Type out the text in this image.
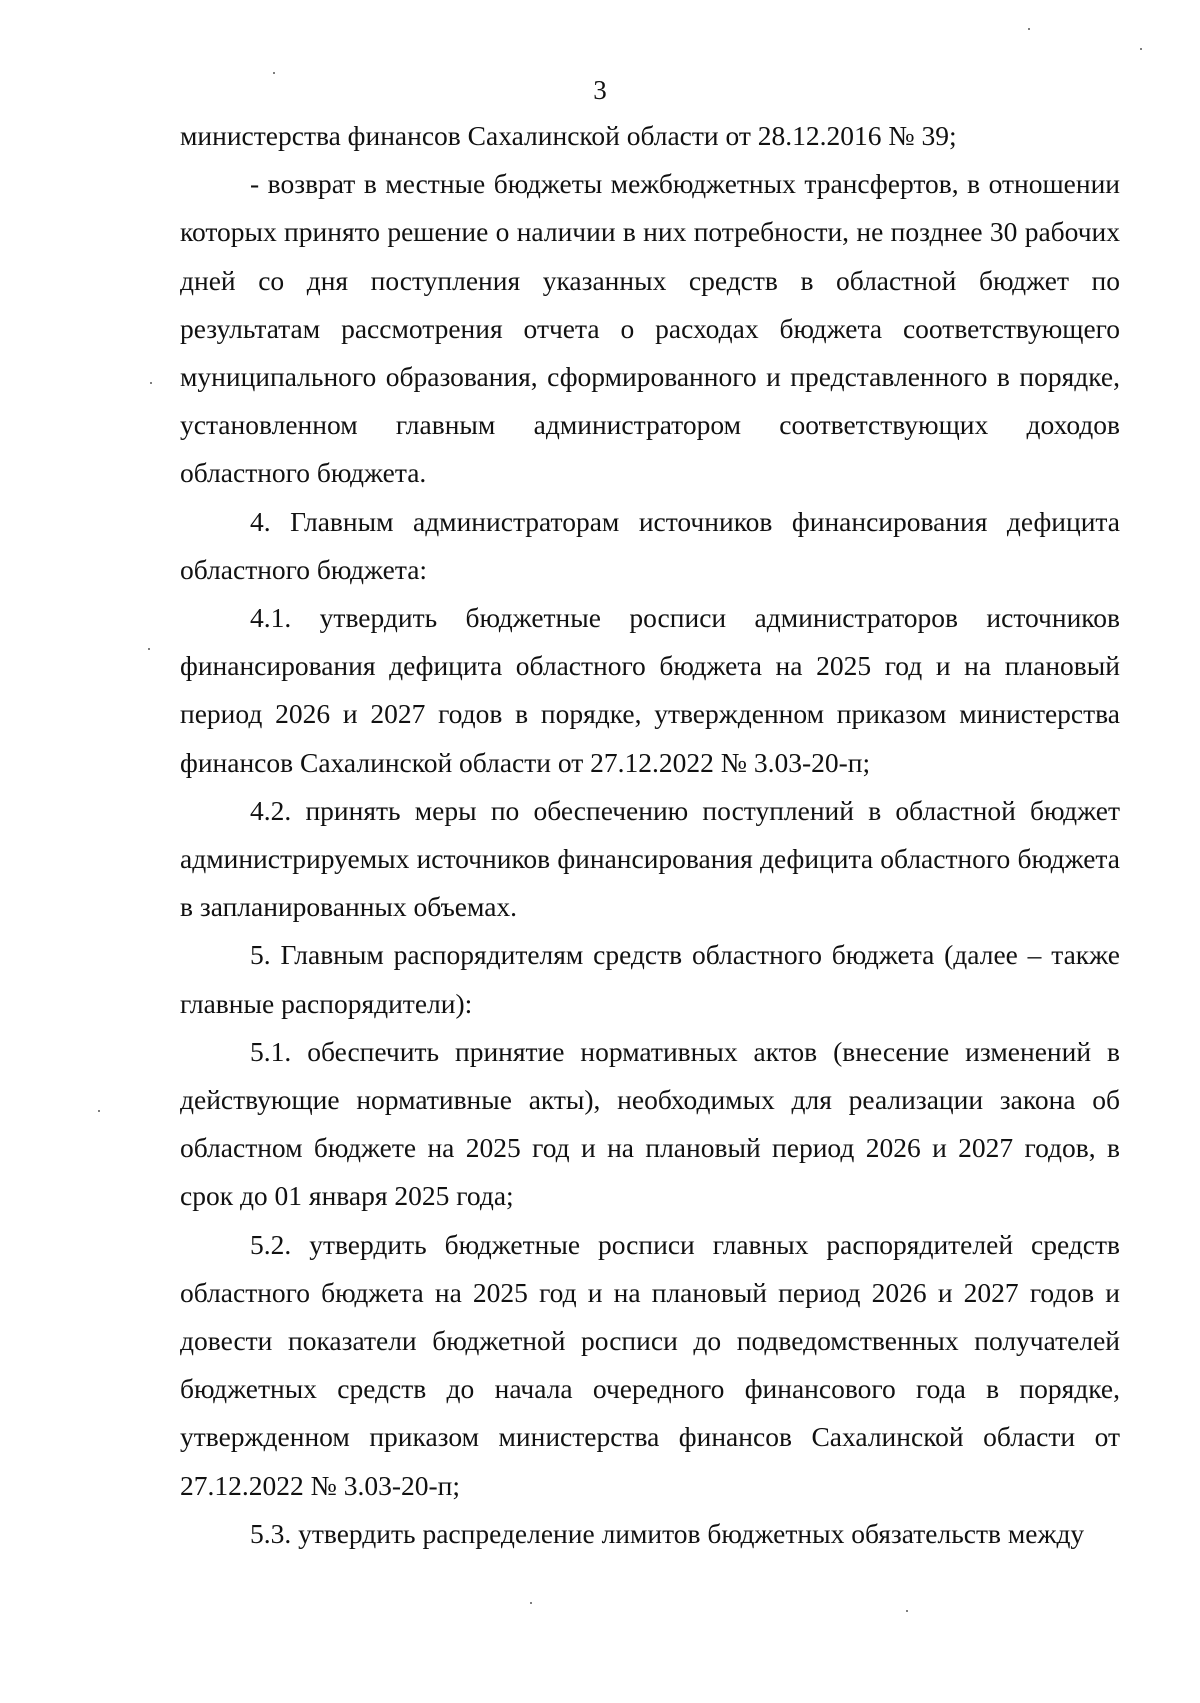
3

министерства финансов Сахалинской области от 28.12.2016 № 39;

- возврат в местные бюджеты межбюджетных трансфертов, в отношении которых принято решение о наличии в них потребности, не позднее 30 рабочих дней со дня поступления указанных средств в областной бюджет по результатам рассмотрения отчета о расходах бюджета соответствующего муниципального образования, сформированного и представленного в порядке, установленном главным администратором соответствующих доходов областного бюджета.

4. Главным администраторам источников финансирования дефицита областного бюджета:

4.1. утвердить бюджетные росписи администраторов источников финансирования дефицита областного бюджета на 2025 год и на плановый период 2026 и 2027 годов в порядке, утвержденном приказом министерства финансов Сахалинской области от 27.12.2022 № 3.03-20-п;

4.2. принять меры по обеспечению поступлений в областной бюджет администрируемых источников финансирования дефицита областного бюджета в запланированных объемах.

5. Главным распорядителям средств областного бюджета (далее – также главные распорядители):

5.1. обеспечить принятие нормативных актов (внесение изменений в действующие нормативные акты), необходимых для реализации закона об областном бюджете на 2025 год и на плановый период 2026 и 2027 годов, в срок до 01 января 2025 года;

5.2. утвердить бюджетные росписи главных распорядителей средств областного бюджета на 2025 год и на плановый период 2026 и 2027 годов и довести показатели бюджетной росписи до подведомственных получателей бюджетных средств до начала очередного финансового года в порядке, утвержденном приказом министерства финансов Сахалинской области от 27.12.2022 № 3.03-20-п;

5.3. утвердить распределение лимитов бюджетных обязательств между
